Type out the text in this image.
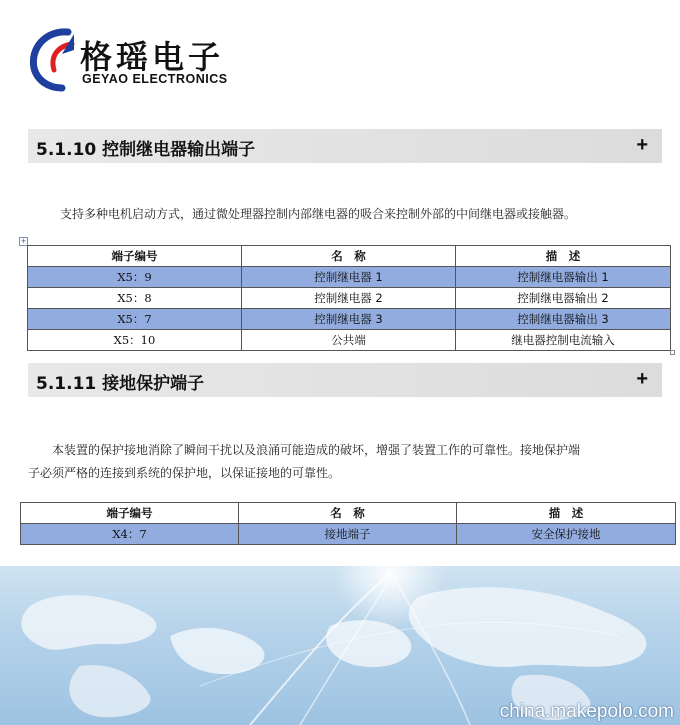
格瑶电子
GEYAO ELECTRONICS
5.1.10 控制继电器输出端子	+
支持多种电机启动方式，通过微处理器控制内部继电器的吸合来控制外部的中间继电器或接触器。
+
端子编号	名　称	描　述
X5：9	控制继电器 1	控制继电器输出 1
X5：8	控制继电器 2	控制继电器输出 2
X5：7	控制继电器 3	控制继电器输出 3
X5：10	公共端	继电器控制电流输入
5.1.11 接地保护端子	+
本装置的保护接地消除了瞬间干扰以及浪涌可能造成的破坏，增强了装置工作的可靠性。接地保护端
子必须严格的连接到系统的保护地，以保证接地的可靠性。
端子编号	名　称	描　述
X4：7	接地端子	安全保护接地
china.makepolo.com
